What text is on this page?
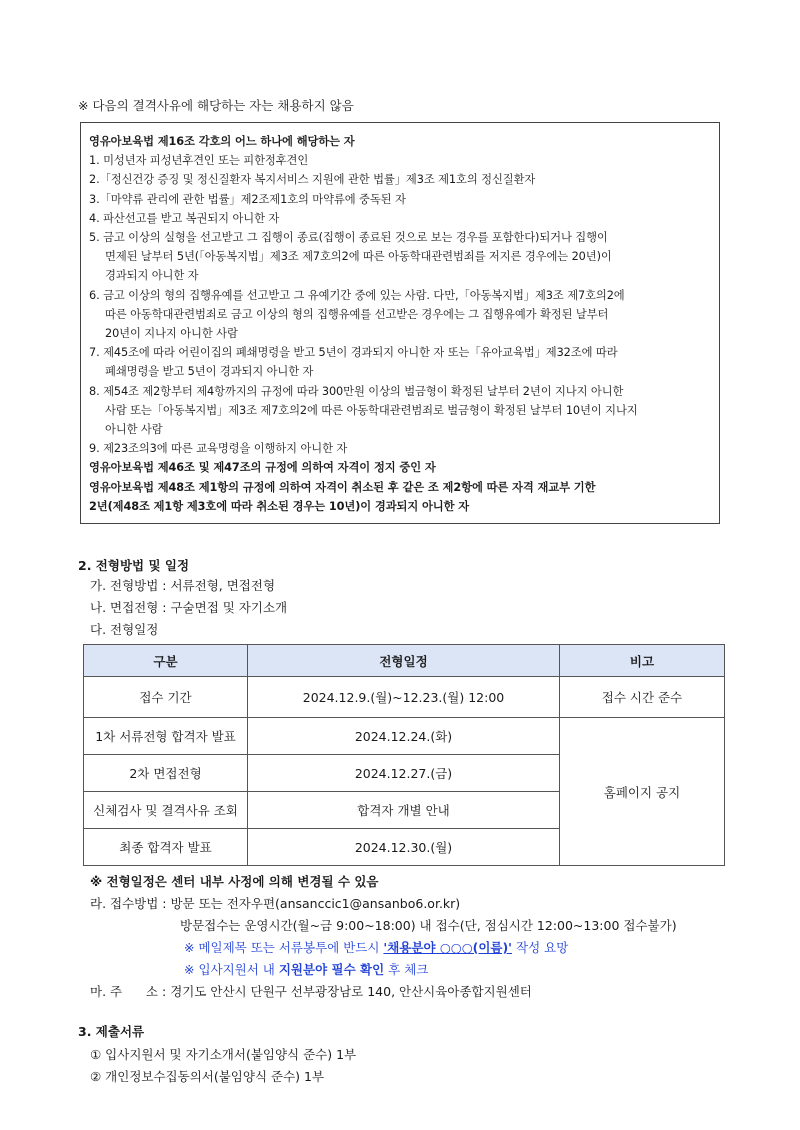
※ 다음의 결격사유에 해당하는 자는 채용하지 않음
영유아보육법 제16조 각호의 어느 하나에 해당하는 자
1. 미성년자 피성년후견인 또는 피한정후견인
2.「정신건강 증징 및 정신질환자 복지서비스 지원에 관한 법률」제3조 제1호의 정신질환자
3.「마약류 관리에 관한 법률」제2조제1호의 마약류에 중독된 자
4. 파산선고를 받고 복권되지 아니한 자
5. 금고 이상의 실형을 선고받고 그 집행이 종료(집행이 종료된 것으로 보는 경우를 포함한다)되거나 집행이
면제된 날부터 5년(「아동복지법」제3조 제7호의2에 따른 아동학대관련범죄를 저지른 경우에는 20년)이
경과되지 아니한 자
6. 금고 이상의 형의 집행유예를 선고받고 그 유예기간 중에 있는 사람. 다만,「아동복지법」제3조 제7호의2에
따른 아동학대관련범죄로 금고 이상의 형의 집행유예를 선고받은 경우에는 그 집행유예가 확정된 날부터
20년이 지나지 아니한 사람
7. 제45조에 따라 어린이집의 폐쇄명령을 받고 5년이 경과되지 아니한 자 또는「유아교육법」제32조에 따라
폐쇄명령을 받고 5년이 경과되지 아니한 자
8. 제54조 제2항부터 제4항까지의 규정에 따라 300만원 이상의 벌금형이 확정된 날부터 2년이 지나지 아니한
사람 또는「아동복지법」제3조 제7호의2에 따른 아동학대관련범죄로 벌금형이 확정된 날부터 10년이 지나지
아니한 사람
9. 제23조의3에 따른 교육명령을 이행하지 아니한 자
영유아보육법 제46조 및 제47조의 규정에 의하여 자격이 정지 중인 자
영유아보육법 제48조 제1항의 규정에 의하여 자격이 취소된 후 같은 조 제2항에 따른 자격 재교부 기한
2년(제48조 제1항 제3호에 따라 취소된 경우는 10년)이 경과되지 아니한 자
2. 전형방법 및 일정
가. 전형방법 : 서류전형, 면접전형
나. 면접전형 : 구술면접 및 자기소개
다. 전형일정
구분	전형일정	비고
접수 기간	2024.12.9.(월)~12.23.(월) 12:00	접수 시간 준수
1차 서류전형 합격자 발표	2024.12.24.(화)	홈페이지 공지
2차 면접전형	2024.12.27.(금)	
신체검사 및 결격사유 조회	합격자 개별 안내	
최종 합격자 발표	2024.12.30.(월)	
※ 전형일정은 센터 내부 사정에 의해 변경될 수 있음
라. 접수방법 : 방문 또는 전자우편(ansanccic1@ansanbo6.or.kr)
방문접수는 운영시간(월~금 9:00~18:00) 내 접수(단, 점심시간 12:00~13:00 접수불가)
※ 메일제목 또는 서류봉투에 반드시 '채용분야 ○○○(이름)' 작성 요망
※ 입사지원서 내 지원분야 필수 확인 후 체크
마. 주      소 : 경기도 안산시 단원구 선부광장남로 140, 안산시육아종합지원센터
3. 제출서류
① 입사지원서 및 자기소개서(붙임양식 준수) 1부
② 개인정보수집동의서(붙임양식 준수) 1부
